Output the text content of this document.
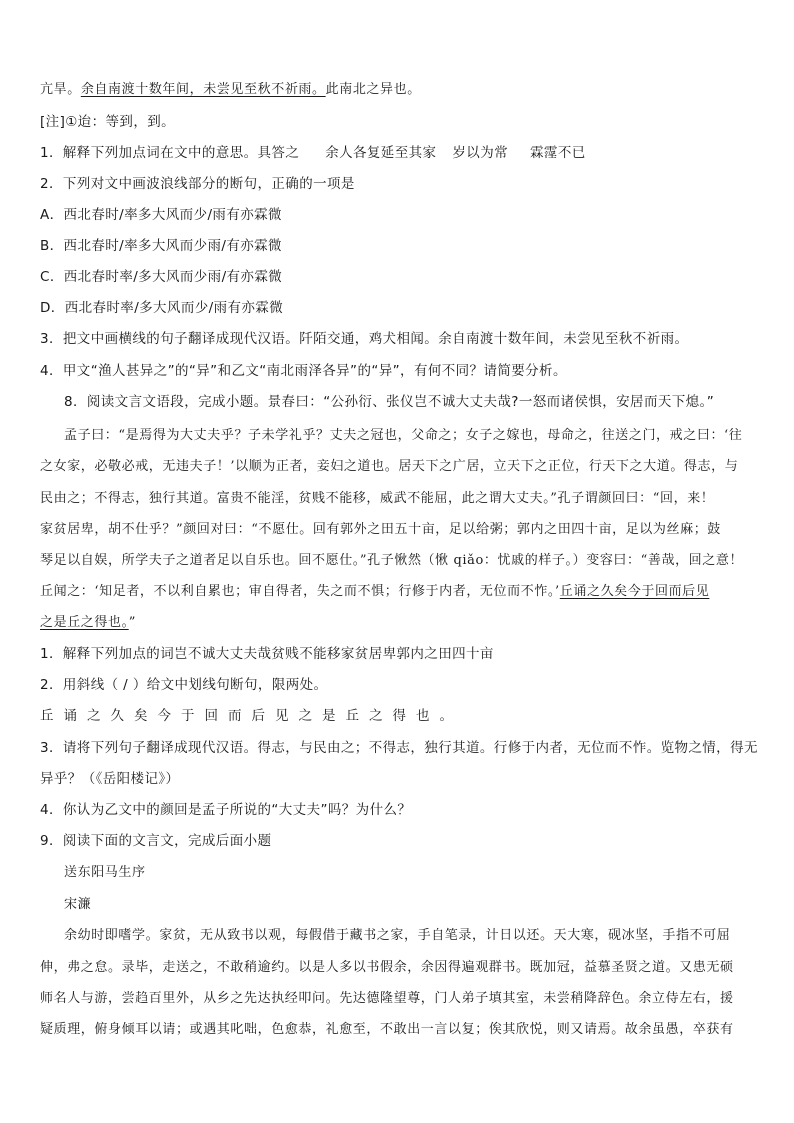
亢旱。余自南渡十数年间，未尝见至秋不祈雨。此南北之异也。
[注]①迨：等到，到。
1．解释下列加点词在文中的意思。具答之 余人各复延至其家 岁以为常 霖霪不已
2．下列对文中画波浪线部分的断句，正确的一项是
A．西北春时/率多大风而少/雨有亦霖微
B．西北春时/率多大风而少雨/有亦霖微
C．西北春时率/多大风而少雨/有亦霖微
D．西北春时率/多大风而少/雨有亦霖微
3．把文中画横线的句子翻译成现代汉语。阡陌交通，鸡犬相闻。余自南渡十数年间，未尝见至秋不祈雨。
4．甲文“渔人甚异之”的“异”和乙文“南北雨泽各异”的“异”，有何不同？请简要分析。
8．阅读文言文语段，完成小题。景春曰：“公孙衍、张仪岂不诚大丈夫哉?一怒而诸侯惧，安居而天下熄。”
孟子曰：“是焉得为大丈夫乎？子未学礼乎？丈夫之冠也，父命之；女子之嫁也，母命之，往送之门，戒之曰：‘往
之女家，必敬必戒，无违夫子！’以顺为正者，妾妇之道也。居天下之广居，立天下之正位，行天下之大道。得志，与
民由之；不得志，独行其道。富贵不能淫，贫贱不能移，威武不能屈，此之谓大丈夫。”孔子谓颜回曰：“回，来！
家贫居卑，胡不仕乎？”颜回对曰：“不愿仕。回有郭外之田五十亩，足以给粥；郭内之田四十亩，足以为丝麻；鼓
琴足以自娱，所学夫子之道者足以自乐也。回不愿仕。”孔子愀然（愀 qiǎo：忧戚的样子。）变容曰：“善哉，回之意！
丘闻之：‘知足者，不以利自累也；审自得者，失之而不惧；行修于内者，无位而不怍。’丘诵之久矣今于回而后见
之是丘之得也。”
1．解释下列加点的词岂不诚大丈夫哉贫贱不能移家贫居卑郭内之田四十亩
2．用斜线（ / ）给文中划线句断句，限两处。
丘诵之久矣今于回而后见之是丘之得也。
3．请将下列句子翻译成现代汉语。得志，与民由之；不得志，独行其道。行修于内者，无位而不怍。览物之情，得无
异乎？（《岳阳楼记》）
4．你认为乙文中的颜回是孟子所说的“大丈夫”吗？为什么？
9．阅读下面的文言文，完成后面小题
送东阳马生序
宋濂
余幼时即嗜学。家贫，无从致书以观，每假借于藏书之家，手自笔录，计日以还。天大寒，砚冰坚，手指不可屈
伸，弗之怠。录毕，走送之，不敢稍逾约。以是人多以书假余，余因得遍观群书。既加冠，益慕圣贤之道。又患无硕
师名人与游，尝趋百里外，从乡之先达执经叩问。先达德隆望尊，门人弟子填其室，未尝稍降辞色。余立侍左右，援
疑质理，俯身倾耳以请；或遇其叱咄，色愈恭，礼愈至，不敢出一言以复；俟其欣悦，则又请焉。故余虽愚，卒获有
